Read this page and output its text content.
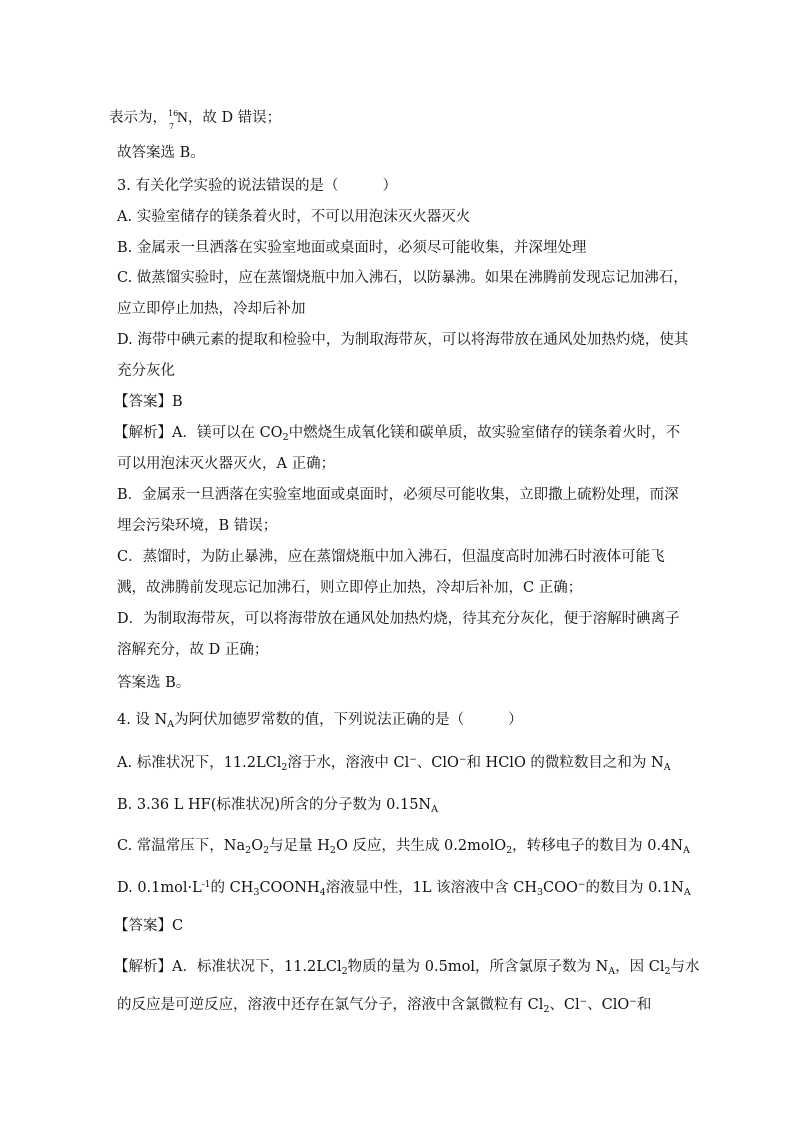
表示为， 16
7
N，故 D 错误；
故答案选 B。
3. 有关化学实验的说法错误的是（	）
A. 实验室储存的镁条着火时，不可以用泡沫灭火器灭火
B. 金属汞一旦洒落在实验室地面或桌面时，必须尽可能收集，并深埋处理
C. 做蒸馏实验时，应在蒸馏烧瓶中加入沸石，以防暴沸。如果在沸腾前发现忘记加沸石，
应立即停止加热，冷却后补加
D. 海带中碘元素的提取和检验中，为制取海带灰，可以将海带放在通风处加热灼烧，使其
充分灰化
【答案】B
【解析】A．镁可以在 $CO_2$中燃烧生成氧化镁和碳单质，故实验室储存的镁条着火时，不
可以用泡沫灭火器灭火，A 正确；
B．金属汞一旦洒落在实验室地面或桌面时，必须尽可能收集，立即撒上硫粉处理，而深
埋会污染环境，B 错误；
C．蒸馏时，为防止暴沸，应在蒸馏烧瓶中加入沸石，但温度高时加沸石时液体可能飞
溅，故沸腾前发现忘记加沸石，则立即停止加热，冷却后补加，C 正确；
D．为制取海带灰，可以将海带放在通风处加热灼烧，待其充分灰化，便于溶解时碘离子
溶解充分，故 D 正确；
答案选 B。
4. 设 $N_A$为阿伏加德罗常数的值，下列说法正确的是（	）
A. 标准状况下，11.2LCl$_2$溶于水，溶液中 Cl−、ClO−和 HClO 的微粒数目之和为 $N_A$
B. 3.36 L HF(标准状况)所含的分子数为 $0.15N_A$
C. 常温常压下，$Na_2O_2$与足量 $H_2O$ 反应，共生成 0.2molO$_2$，转移电子的数目为 $0.4N_A$
D. $0.1mol\cdot L^{-1}$的 $CH_3COONH_4$溶液显中性，1L 该溶液中含 $CH_3COO^-$的数目为 $0.1N_A$
【答案】C
【解析】A．标准状况下，11.2LCl$_2$物质的量为 0.5mol，所含氯原子数为 $N_A$，因 $Cl_2$与水
的反应是可逆反应，溶液中还存在氯气分子，溶液中含氯微粒有 $Cl_2$、Cl−、ClO−和
